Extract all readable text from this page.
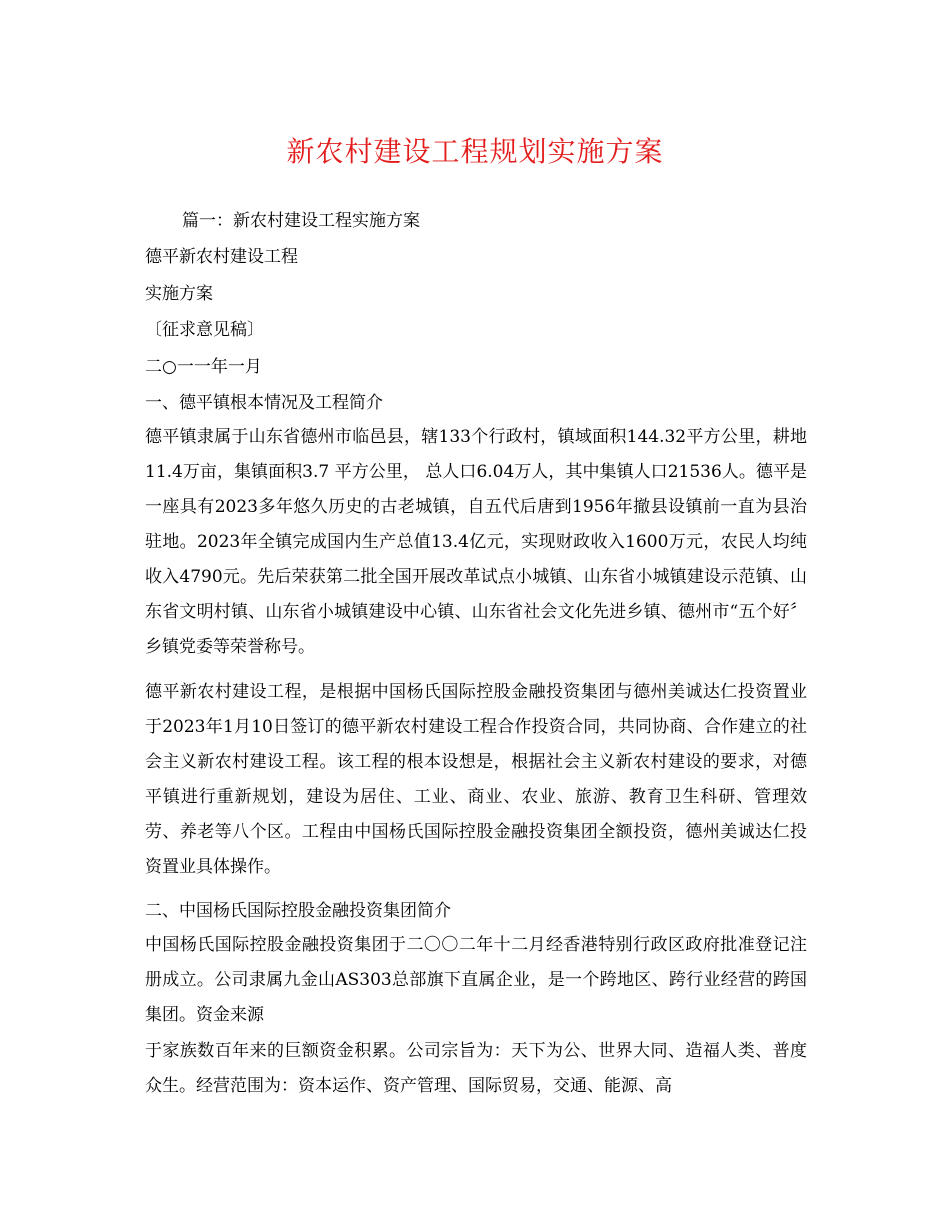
新农村建设工程规划实施方案
篇一：新农村建设工程实施方案
德平新农村建设工程
实施方案
〔征求意见稿〕
二○一一年一月
一、德平镇根本情况及工程简介
德平镇隶属于山东省德州市临邑县，辖133个行政村，镇域面积144.32平方公里，耕地11.4万亩，集镇面积3.7 平方公里， 总人口6.04万人，其中集镇人口21536人。德平是一座具有2023多年悠久历史的古老城镇，自五代后唐到1956年撤县设镇前一直为县治驻地。2023年全镇完成国内生产总值13.4亿元，实现财政收入1600万元，农民人均纯收入4790元。先后荣获第二批全国开展改革试点小城镇、山东省小城镇建设示范镇、山东省文明村镇、山东省小城镇建设中心镇、山东省社会文化先进乡镇、德州市“五个好〞乡镇党委等荣誉称号。
德平新农村建设工程，是根据中国杨氏国际控股金融投资集团与德州美诚达仁投资置业于2023年1月10日签订的德平新农村建设工程合作投资合同，共同协商、合作建立的社会主义新农村建设工程。该工程的根本设想是，根据社会主义新农村建设的要求，对德平镇进行重新规划，建设为居住、工业、商业、农业、旅游、教育卫生科研、管理效劳、养老等八个区。工程由中国杨氏国际控股金融投资集团全额投资，德州美诚达仁投资置业具体操作。
二、中国杨氏国际控股金融投资集团简介
中国杨氏国际控股金融投资集团于二〇〇二年十二月经香港特别行政区政府批准登记注册成立。公司隶属九金山AS303总部旗下直属企业，是一个跨地区、跨行业经营的跨国集团。资金来源
于家族数百年来的巨额资金积累。公司宗旨为：天下为公、世界大同、造福人类、普度众生。经营范围为：资本运作、资产管理、国际贸易，交通、能源、高
